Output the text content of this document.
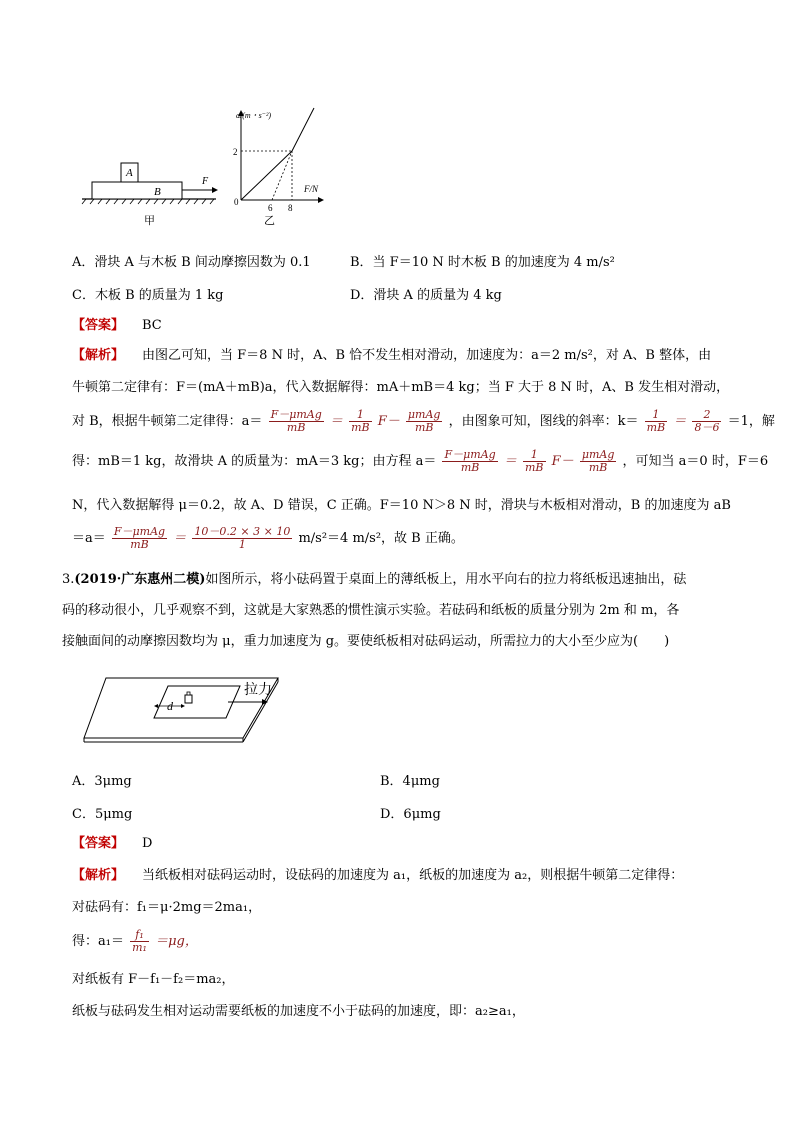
B
A
F
甲
a/(m・s⁻²)
F/N
2
0
6 8
乙
A．滑块 A 与木板 B 间动摩擦因数为 0.1	B．当 F＝10 N 时木板 B 的加速度为 4 m/s²
C．木板 B 的质量为 1 kg	D．滑块 A 的质量为 4 kg
【答案】 BC
【解析】 由图乙可知，当 F＝8 N 时，A、B 恰不发生相对滑动，加速度为：a＝2 m/s²，对 A、B 整体，由
牛顿第二定律有：F＝(mA＋mB)a，代入数据解得：mA＋mB＝4 kg；当 F 大于 8 N 时，A、B 发生相对滑动，
对 B，根据牛顿第二定律得：$a= \frac{\text{F－μmAg}}{mB} = \frac{1}{mB} F- \frac{\text{μmAg}}{mB}$ ，由图象可知，图线的斜率：$k= \frac{1}{mB} = \frac{2}{8-6} =1$，解
得：mB＝1 kg，故滑块 A 的质量为：mA＝3 kg；由方程 $a= \frac{\text{F－μmAg}}{mB} = \frac{1}{mB} F- \frac{\text{μmAg}}{mB}$ ，可知当 a＝0 时，F＝6
N，代入数据解得 μ＝0.2，故 A、D 错误，C 正确。F＝10 N＞8 N 时，滑块与木板相对滑动，B 的加速度为 aB
$=a= \frac{\text{F－μmAg}}{mB} = \frac{10-0.2 \times 3 \times 10}{1} m/s^2=4$ m/s²，故 B 正确。
3.(2019·广东惠州二模)如图所示，将小砝码置于桌面上的薄纸板上，用水平向右的拉力将纸板迅速抽出，砝
码的移动很小，几乎观察不到，这就是大家熟悉的惯性演示实验。若砝码和纸板的质量分别为 2m 和 m，各
接触面间的动摩擦因数均为 μ，重力加速度为 g。要使纸板相对砝码运动，所需拉力的大小至少应为(　　)
d
拉力
A．3μmg	B．4μmg
C．5μmg	D．6μmg
【答案】 D
【解析】 当纸板相对砝码运动时，设砝码的加速度为 a₁，纸板的加速度为 a₂，则根据牛顿第二定律得：
对砝码有：f₁＝μ·2mg＝2ma₁，
得：$a_1= \frac{\text{f₁}}{\text{m₁}} =\mu g$，
对纸板有 F－f₁－f₂＝ma₂，
纸板与砝码发生相对运动需要纸板的加速度不小于砝码的加速度，即：a₂≥a₁，
